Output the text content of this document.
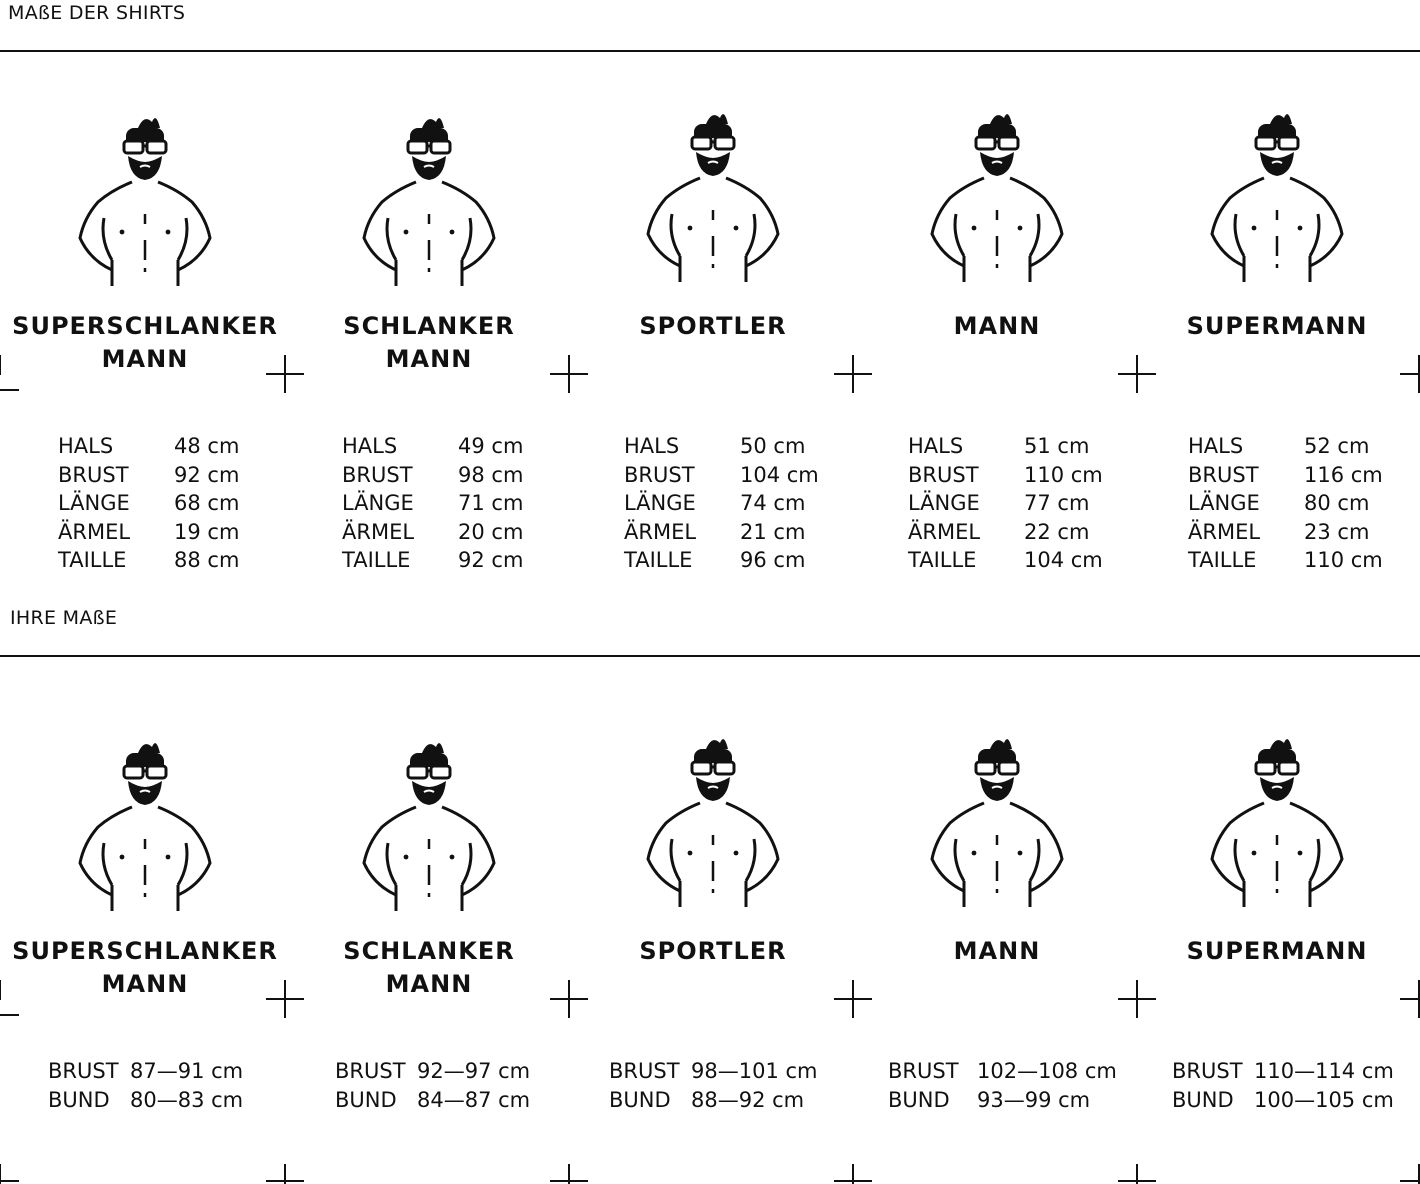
MAßE DER SHIRTS
IHRE MAßE
SUPERSCHLANKER
MANN
HALS	48 cm
BRUST	92 cm
LÄNGE	68 cm
ÄRMEL	19 cm
TAILLE	88 cm
SCHLANKER
MANN
HALS	49 cm
BRUST	98 cm
LÄNGE	71 cm
ÄRMEL	20 cm
TAILLE	92 cm
SPORTLER
HALS	50 cm
BRUST	104 cm
LÄNGE	74 cm
ÄRMEL	21 cm
TAILLE	96 cm
MANN
HALS	51 cm
BRUST	110 cm
LÄNGE	77 cm
ÄRMEL	22 cm
TAILLE	104 cm
SUPERMANN
HALS	52 cm
BRUST	116 cm
LÄNGE	80 cm
ÄRMEL	23 cm
TAILLE	110 cm
SUPERSCHLANKER
MANN
BRUST 87—91 cm
BUND 80—83 cm
SCHLANKER
MANN
BRUST 92—97 cm
BUND 84—87 cm
SPORTLER
BRUST 98—101 cm
BUND 88—92 cm
MANN
BRUST 102—108 cm
BUND	93—99 cm
SUPERMANN
BRUST 110—114 cm
BUND 100—105 cm
